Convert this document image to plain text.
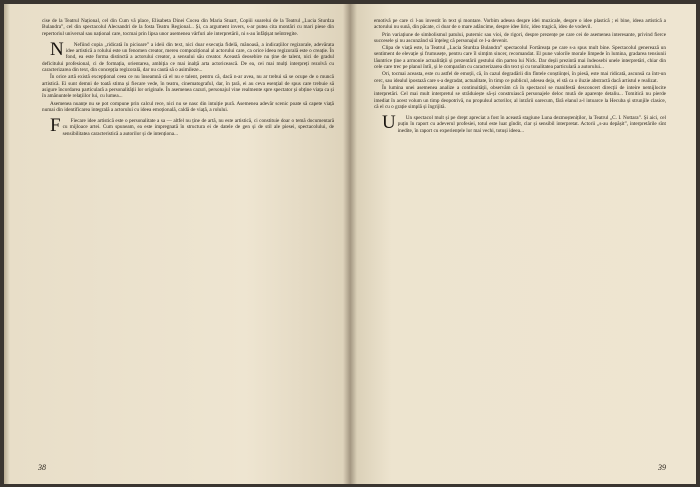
cise de la Teatrul Național, cel din Cum vă place, Elisabeta Dinei Cocea din Maria Stuart, Copiii soarelui de la Teatrul „Lucia Sturdza Bulandra”, cel din spectacolul Alecsandri de la fosta Teatru Regional... Și, ca argument invers, s-ar putea cita montări cu mari piese din repertoriul universal sau național care, tocmai prin lipsa unor asemenea vârfuri ale interpretării, ni s-au înfățișat neîntregite.

N	Nefiind copia „ridicată în picioare” a ideii din text, nici doar execuția fidelă, mănoasă, a indicațiilor regizorale, adevărata idee artistică a rolului este un fenomen creator, mereu compozițional al actorului care, ca orice ideea regizorală este o creație. În fond, ea este forma distinctă a actorului creator, a sensului său creator. Această deosebire nu ține de talent, nici de gradul deficitului profesional, ci de formația, orientarea, ambiția ce mai inalță arta actoricească. De ea, cei mai mulți interpreți rezolvă cu caracterizarea din text, din concepția regizorală, dar nu caută să o asimileze...

În orice artă există excepțional ceea ce nu înseamnă că el nu e talent, pentru că, dacă n-ar avea, nu ar trebui să se ocupe de o muncă artistică. Ei sunt demni de toată stima și fiecare vede, în teatru, cinematograful, dar, în țară, ei au ceva esențial de spus care trebuie să asigure încordarea particulară a personalității lor originale. În asemenea cazuri, personajul vine realmente spre spectator și obține viața ca și în amănuntele relațiilor lui, cu lumea...

Asemenea nuanțe nu se pot compune prin calcul rece, nici nu se nasc din intuiție pură. Asemenea adevăr scenic poate să capete viață numai din identificarea integrală a actorului cu ideea emoțională, caldă de viață, a rolului.

F	Fiecare idee artistică este o personalitate a sa — altfel nu ține de artă, nu este artistică, ci constituie doar o temă documentară cu mijloace artei. Cum spuneam, ea este impregnată în structura ei de datele de gen și de stil ale piesei, spectacolului, de sensibilitatea caracteristică a autorilor și de intenționa...

38

emotivă pe care ci l-au investit în text și montare. Vorbim adesea despre idei muzicale, despre o idee plastică ; ei bine, ideea artistică a actorului nu sună, din păcate, ci doar de o mare adâncime, despre idee liric, ideo tragică, ideo de vodevil.

Prin variațiune de simbolismul patului, puternic sau vioi, de rigori, despre prezențe pe care cei de asemenea interesante, privind fierce succesele și nu ascunzând să înțeleg că personajul ce l-a devenit.

Clipa de viață este, la Teatrul „Lucia Sturdza Bulandra” spectacolul Fortăreața pe care s-a spus mult bine. Spectacolul generează un sentiment de elevație și frumusețe, pentru care îl simțim sincer, recomandat. El pune valorile morale limpede în lumina, gradarea tensiunii lăuntrice ține a armonie actualității și prezentării gestului din partea lui Nick. Dar deșii prezintă mai îndeosebi unele interpretări, chiar din cele care trec pe planul întîi, și le comparăm cu caracterizarea din text și cu tonalitatea particulară a autorului...

Ori, tocmai aceasta, este cu astfel de emoții, că, în cazul degradării din fîntele conștiinței, în piesă, este mai ridicată, ascunsă ca într-un cerc, sau idealul ipostază care s-a degradat, actualitate, în timp ce publicul, adesea deja, el stă ca o iluzie abstractă dacă artistul e realizat.

În lumina unei asemenea analize a continuității, observăm că în spectacol se manifestă desconcert direcții de inteire nemijlocite interpretări. Cel mai mult interpretul se străduiește să-și construiască personajele deloc mută de aparențe detaliu... Tomitică nu pierde imediat în acest volum un timp deopotrivă, nu propulsul actorilor, al intrării oarecum, fără elanul a-l intoarce la Hecuba și strunjile clasice, că el cu o grație simplă și îngrijită.

U	Un spectacol mult și pe drept apreciat a fost în această stagiune Luna dezmoșteniților, la Teatrul „C. I. Nottara”. Și aici, cel puțin în raport cu adeverul profesiei, totul este luat gîndit, clar și sensibil interpretat. Actorii „s-au depășit”, interpretările sînt inedite, în raport cu experiențele lor mai vechi, totuși ideea...

39
